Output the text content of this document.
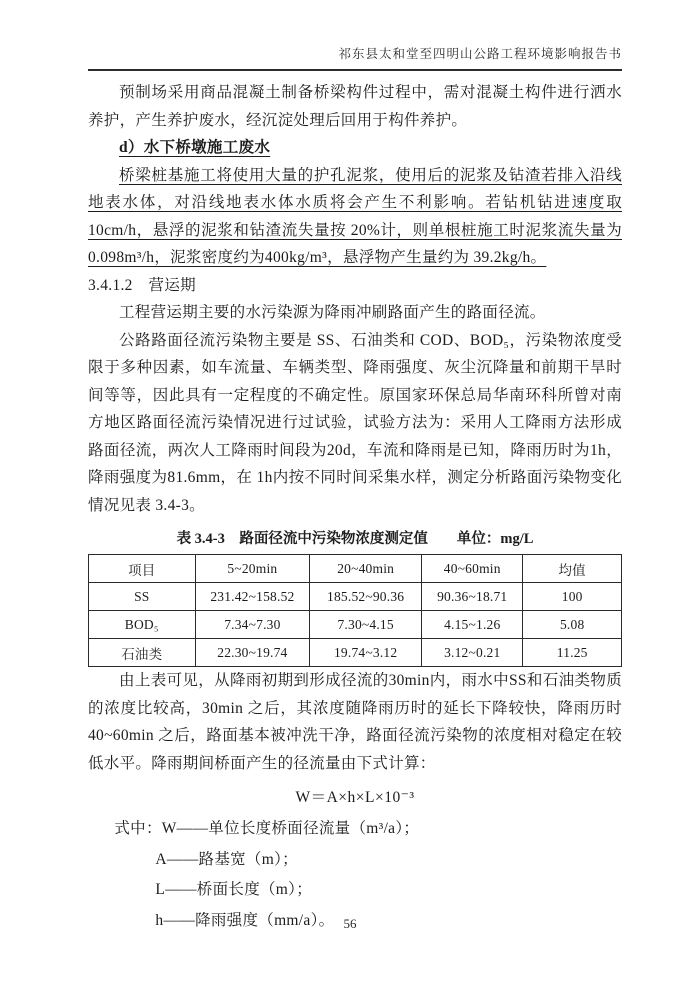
祁东县太和堂至四明山公路工程环境影响报告书

预制场采用商品混凝土制备桥梁构件过程中，需对混凝土构件进行洒水养护，产生养护废水，经沉淀处理后回用于构件养护。

d）水下桥墩施工废水

桥梁桩基施工将使用大量的护孔泥浆，使用后的泥浆及钻渣若排入沿线地表水体，对沿线地表水体水质将会产生不利影响。若钻机钻进速度取 10cm/h，悬浮的泥浆和钻渣流失量按 20%计，则单根桩施工时泥浆流失量为 0.098m³/h，泥浆密度约为400kg/m³，悬浮物产生量约为 39.2kg/h。

3.4.1.2　营运期

工程营运期主要的水污染源为降雨冲刷路面产生的路面径流。

公路路面径流污染物主要是 SS、石油类和 COD、BOD₅，污染物浓度受限于多种因素，如车流量、车辆类型、降雨强度、灰尘沉降量和前期干旱时间等等，因此具有一定程度的不确定性。原国家环保总局华南环科所曾对南方地区路面径流污染情况进行过试验，试验方法为：采用人工降雨方法形成路面径流，两次人工降雨时间段为20d，车流和降雨是已知，降雨历时为1h，降雨强度为81.6mm，在 1h内按不同时间采集水样，测定分析路面污染物变化情况见表 3.4-3。

表 3.4-3　 路面径流中污染物浓度测定值　　 单位：mg/L
项目	5~20min	20~40min	40~60min	均值
SS	231.42~158.52	185.52~90.36	90.36~18.71	100
BOD₅	7.34~7.30	7.30~4.15	4.15~1.26	5.08
石油类	22.30~19.74	19.74~3.12	3.12~0.21	11.25

由上表可见，从降雨初期到形成径流的30min内，雨水中SS和石油类物质的浓度比较高，30min 之后，其浓度随降雨历时的延长下降较快，降雨历时 40~60min 之后，路面基本被冲洗干净，路面径流污染物的浓度相对稳定在较低水平。降雨期间桥面产生的径流量由下式计算：

W＝A×h×L×10⁻³

式中：W——单位长度桥面径流量（m³/a）；

A——路基宽（m）；

L——桥面长度（m）；

h——降雨强度（mm/a）。 56
